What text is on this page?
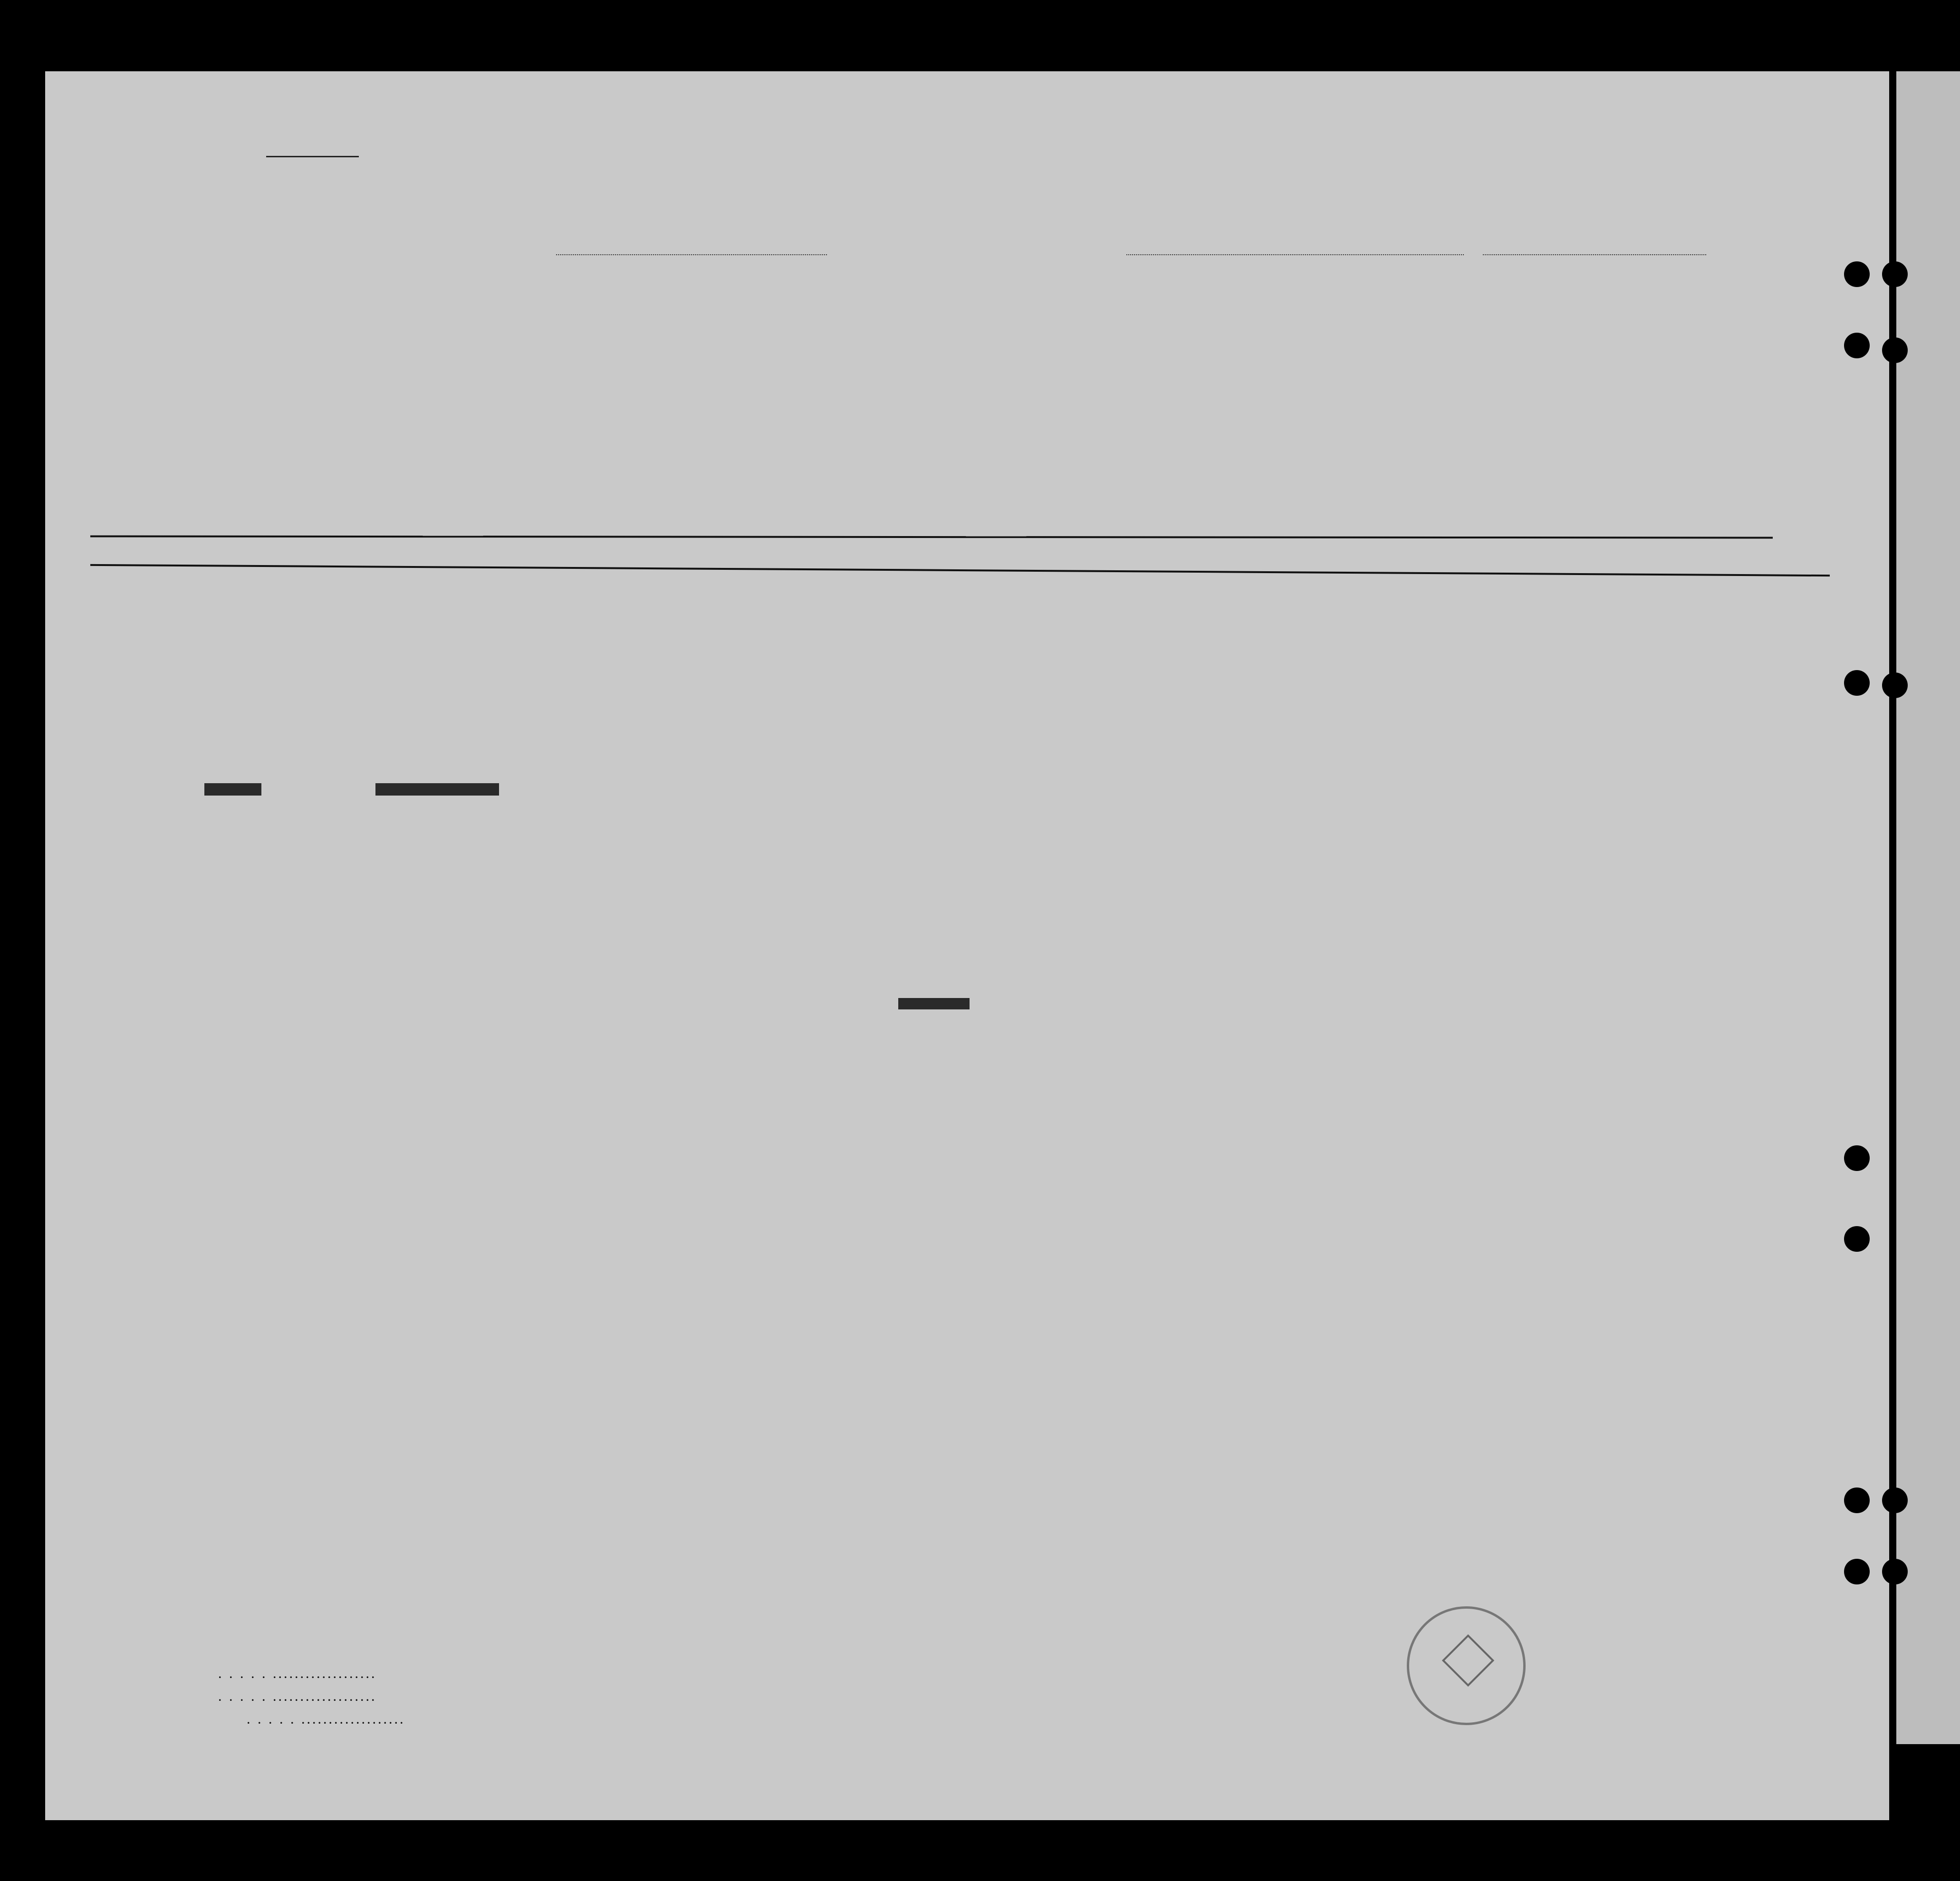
. . . . . ...................
. . . . . ...................
. . . . . ...................
